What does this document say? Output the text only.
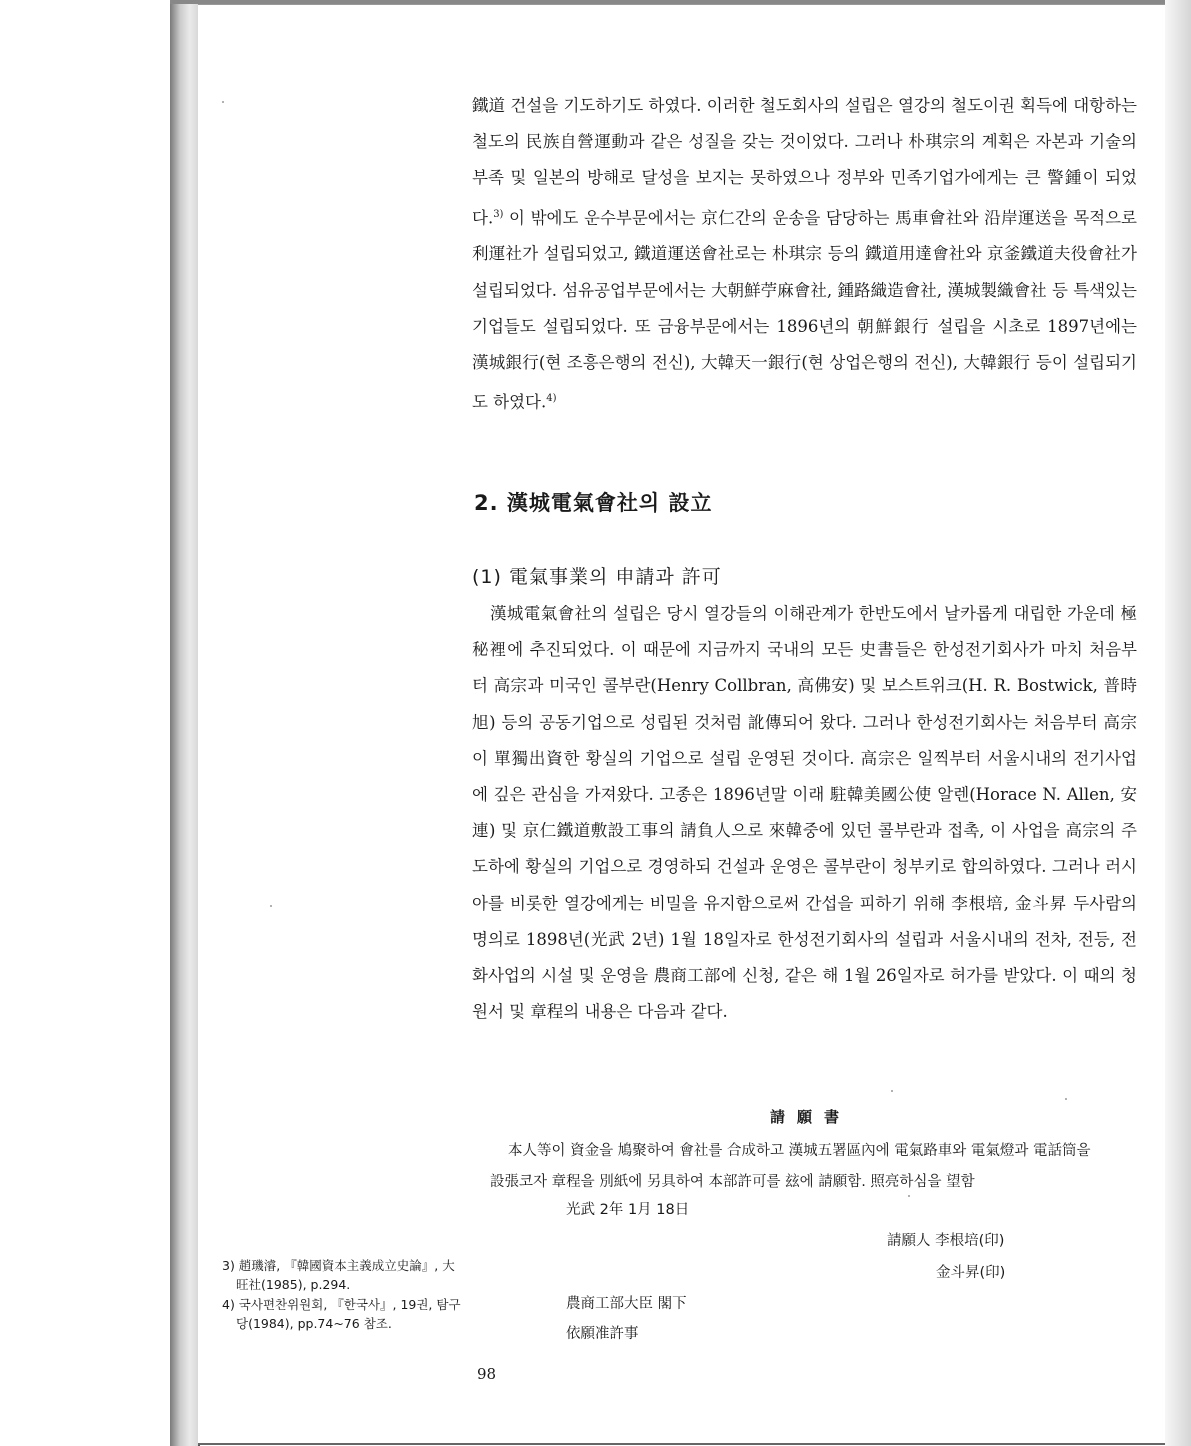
鐵道 건설을 기도하기도 하였다. 이러한 철도회사의 설립은 열강의 철도이권 획득에 대항하는 철도의 民族自營運動과 같은 성질을 갖는 것이었다. 그러나 朴琪宗의 계획은 자본과 기술의 부족 및 일본의 방해로 달성을 보지는 못하였으나 정부와 민족기업가에게는 큰 警鍾이 되었다.$^{3)}$ 이 밖에도 운수부문에서는 京仁간의 운송을 담당하는 馬車會社와 沿岸運送을 목적으로 利運社가 설립되었고, 鐵道運送會社로는 朴琪宗 등의 鐵道用達會社와 京釜鐵道夫役會社가 설립되었다. 섬유공업부문에서는 大朝鮮苧麻會社, 鍾路織造會社, 漢城製織會社 등 특색있는 기업들도 설립되었다. 또 금융부문에서는 1896년의 朝鮮銀行 설립을 시초로 1897년에는 漢城銀行(현 조흥은행의 전신), 大韓天一銀行(현 상업은행의 전신), 大韓銀行 등이 설립되기도 하였다.$^{4)}$

2. 漢城電氣會社의 設立
(1) 電氣事業의 申請과 許可
漢城電氣會社의 설립은 당시 열강들의 이해관계가 한반도에서 날카롭게 대립한 가운데 極秘裡에 추진되었다. 이 때문에 지금까지 국내의 모든 史書들은 한성전기회사가 마치 처음부터 高宗과 미국인 콜부란(Henry Collbran, 高佛安) 및 보스트위크(H. R. Bostwick, 普時旭) 등의 공동기업으로 성립된 것처럼 訛傳되어 왔다. 그러나 한성전기회사는 처음부터 高宗이 單獨出資한 황실의 기업으로 설립 운영된 것이다. 高宗은 일찍부터 서울시내의 전기사업에 깊은 관심을 가져왔다. 고종은 1896년말 이래 駐韓美國公使 알렌(Horace N. Allen, 安連) 및 京仁鐵道敷設工事의 請負人으로 來韓중에 있던 콜부란과 접촉, 이 사업을 高宗의 주도하에 황실의 기업으로 경영하되 건설과 운영은 콜부란이 청부키로 합의하였다. 그러나 러시아를 비롯한 열강에게는 비밀을 유지함으로써 간섭을 피하기 위해 李根培, 金斗昇 두사람의 명의로 1898년(光武 2년) 1월 18일자로 한성전기회사의 설립과 서울시내의 전차, 전등, 전화사업의 시설 및 운영을 農商工部에 신청, 같은 해 1월 26일자로 허가를 받았다. 이 때의 청원서 및 章程의 내용은 다음과 같다.
請願書
本人等이 資金을 鳩聚하여 會社를 合成하고 漢城五署區內에 電氣路車와 電氣燈과 電話筒을
設張코자 章程을 別紙에 另具하여 本部許可를 玆에 請願함. 照亮하심을 望함
光武 2年 1月 18日
請願人 李根培(印)
金斗昇(印)
農商工部大臣 閣下
依願准許事

3) 趙璣濬, 『韓國資本主義成立史論』, 大旺社(1985), p.294.

4) 국사편찬위원회, 『한국사』, 19권, 탐구당(1984), pp.74~76 참조.

98
